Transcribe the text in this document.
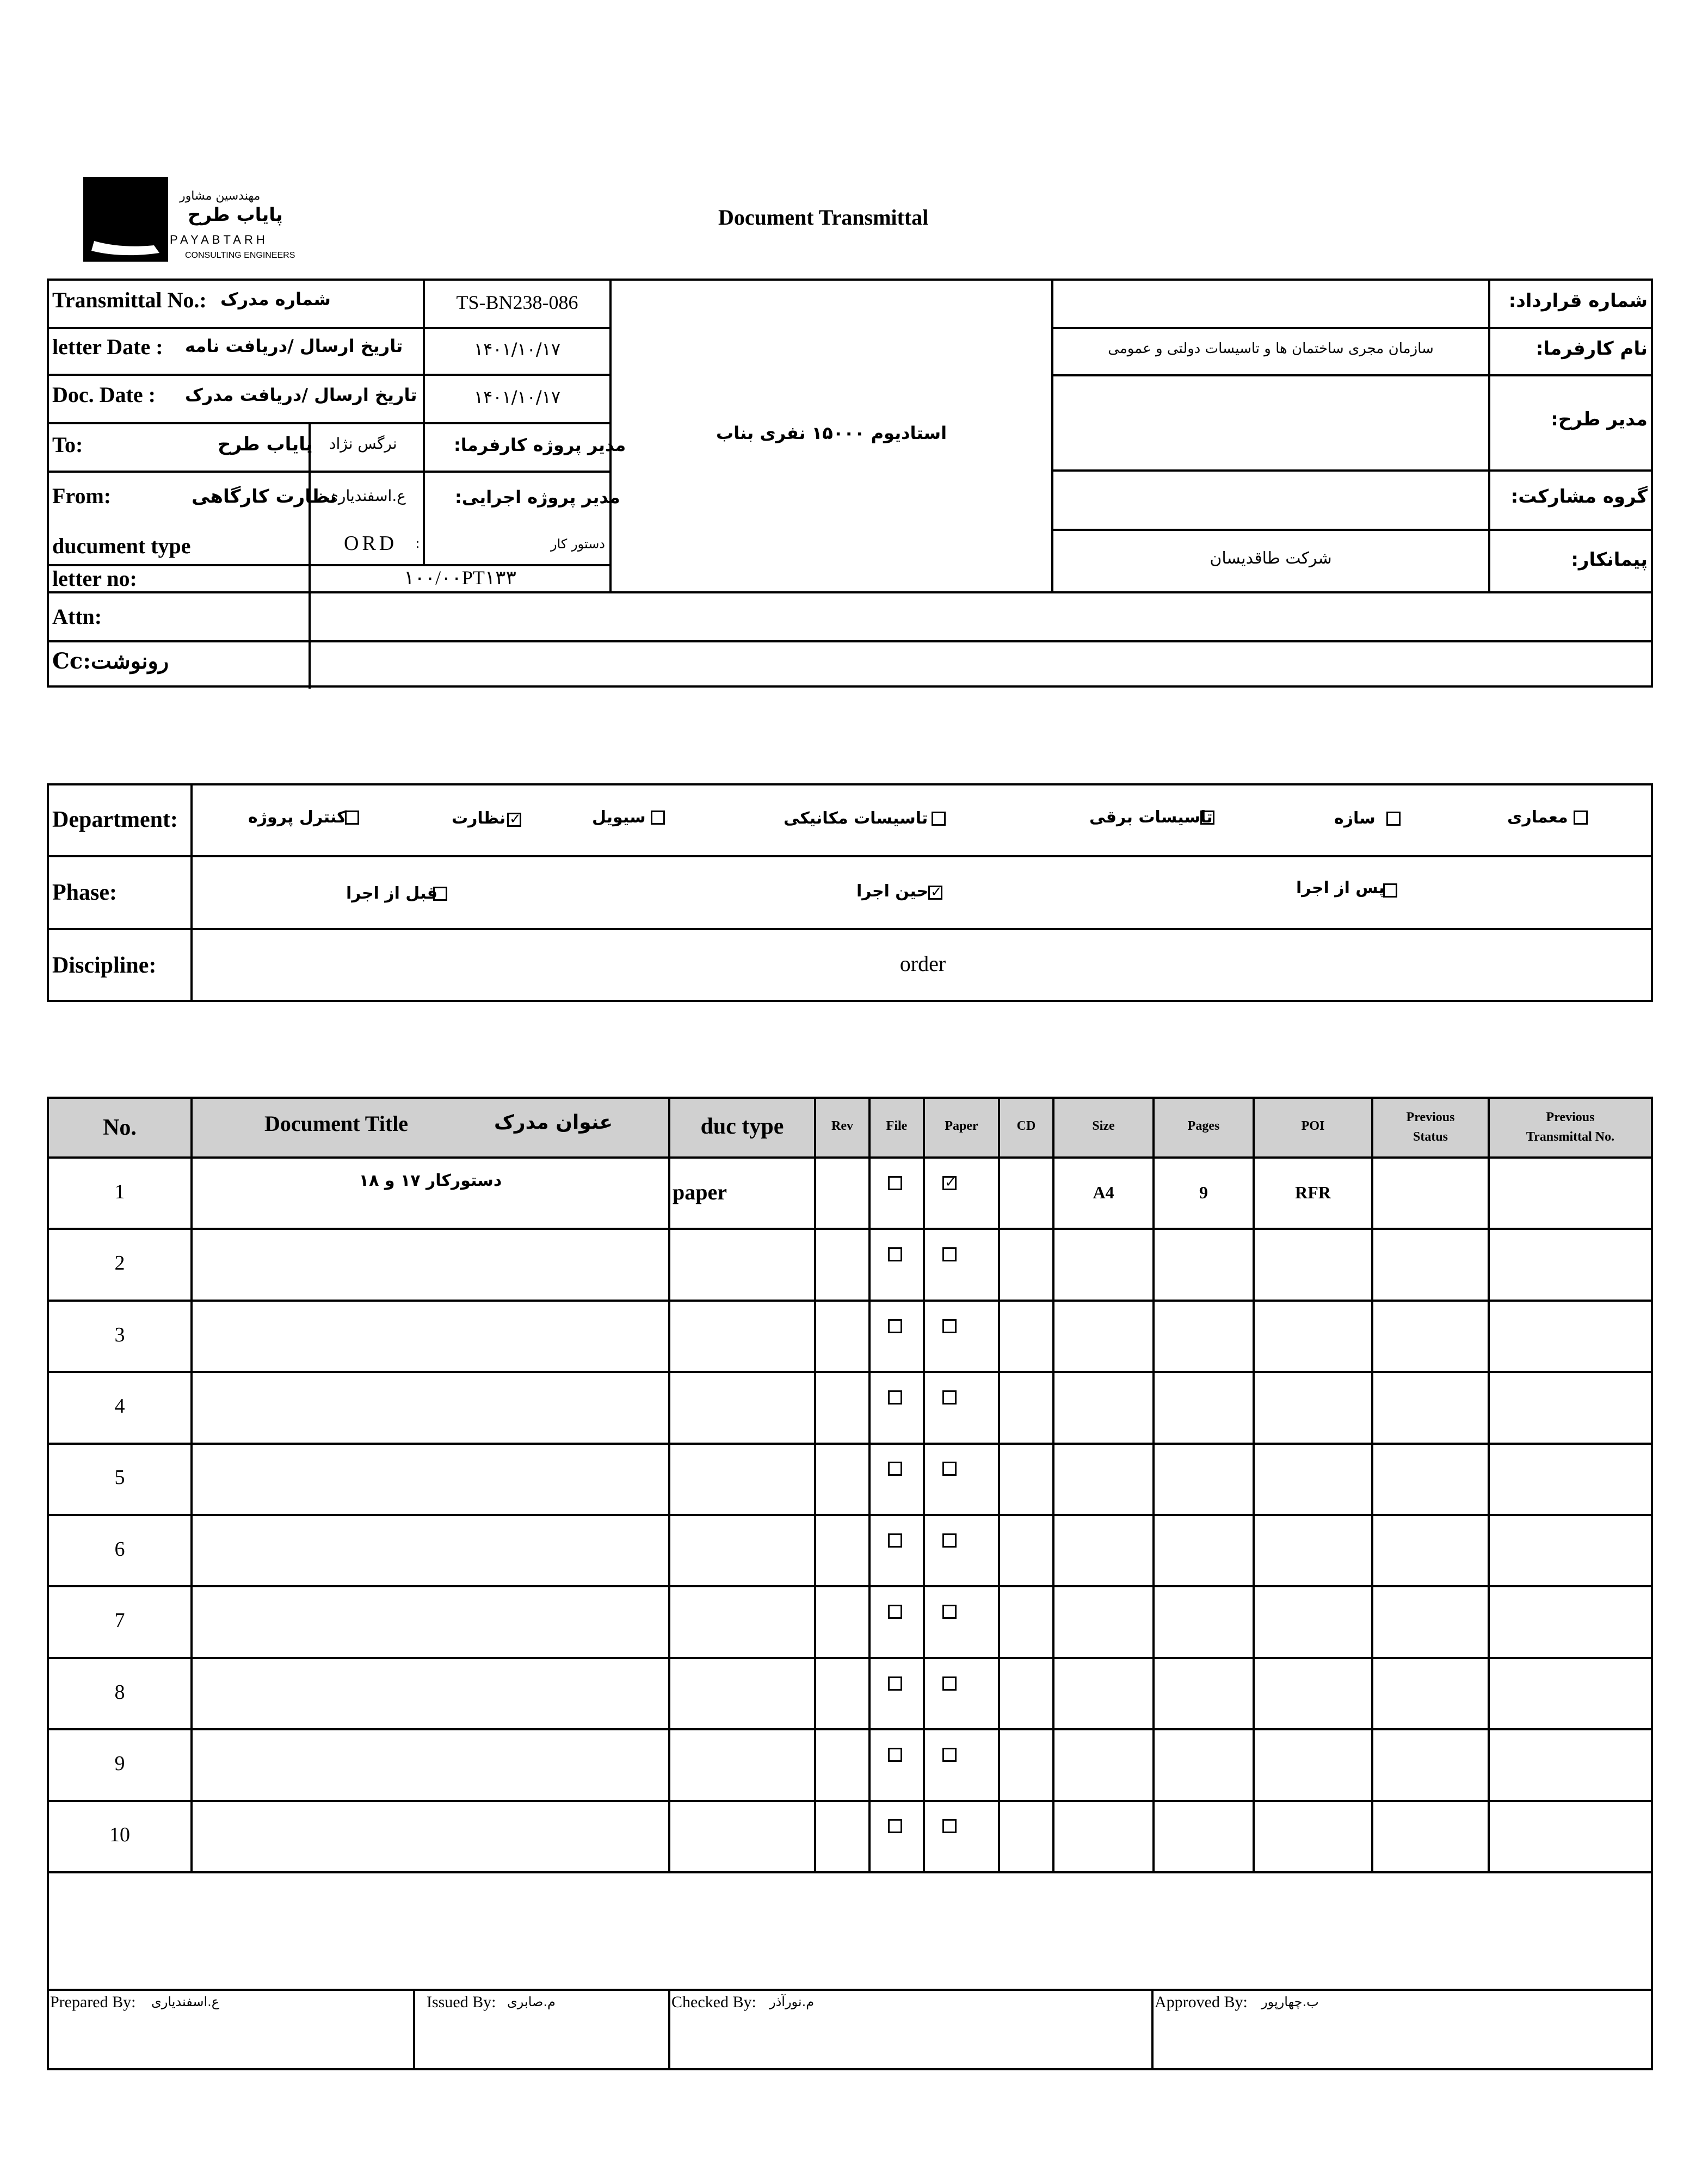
مهندسین مشاور
پایاب طرح
PAYABTARH
CONSULTING ENGINEERS
Document Transmittal
Transmittal No.: شماره مدرک	TS-BN238-086
letter Date : تاریخ ارسال /دریافت نامه	۱۴۰۱/۱۰/۱۷
Doc. Date : تاریخ ارسال /دریافت مدرک	۱۴۰۱/۱۰/۱۷
To:	پایاب طرح نرگس نژاد	مدیر پروژه کارفرما:
From:	نظارت کارگاهی
ع.اسفندیاری	مدیر پروژه اجرایی:
ducument type	ORD :	دستور کار
letter no:	۱۰۰/۰۰PT۱۳۳
استادیوم ۱۵۰۰۰ نفری بناب
شماره قرارداد:
نام کارفرما:
سازمان مجری ساختمان ها و تاسیسات دولتی و عمومی
مدیر طرح:
گروه مشارکت:
پیمانکار:
شرکت طاقدیسان
Attn:
Cc:رونوشت
Department:
Phase:
Discipline:	order
معماری
سازه
تاسیسات برقی
تاسیسات مکانیکی
سیویل
✓
نظارت
کنترل پروژه
پس از اجرا
✓
حین اجرا
قبل از اجرا
No.	Document Title	عنوان مدرک	duc type	Rev	File	Paper	CD	Size	Pages	POI
Previous
Status
Previous
Transmittal No.
1	دستورکار ۱۷ و ۱۸	paper
✓	A4	9	RFR
2
3
4
5
6
7
8
9
10
Prepared By: ع.اسفندیاری	Issued By: م.صابری	Checked By: م.نورآذر	Approved By: ب.چهارپور
